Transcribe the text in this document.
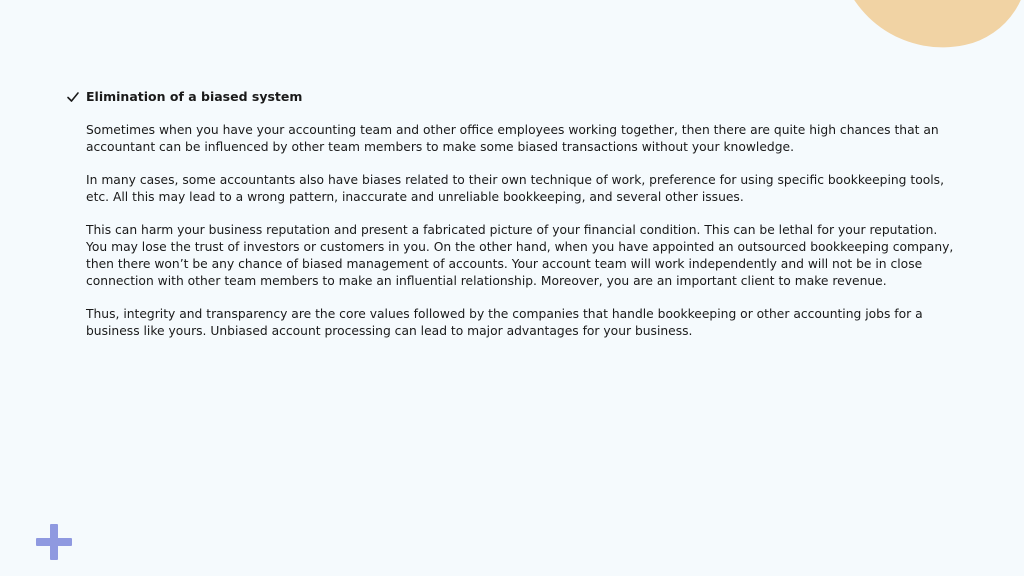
Elimination of a biased system

Sometimes when you have your accounting team and other office employees working together, then there are quite high chances that an accountant can be influenced by other team members to make some biased transactions without your knowledge.

In many cases, some accountants also have biases related to their own technique of work, preference for using specific bookkeeping tools, etc. All this may lead to a wrong pattern, inaccurate and unreliable bookkeeping, and several other issues.

This can harm your business reputation and present a fabricated picture of your financial condition. This can be lethal for your reputation. You may lose the trust of investors or customers in you. On the other hand, when you have appointed an outsourced bookkeeping company, then there won’t be any chance of biased management of accounts. Your account team will work independently and will not be in close connection with other team members to make an influential relationship. Moreover, you are an important client to make revenue.

Thus, integrity and transparency are the core values followed by the companies that handle bookkeeping or other accounting jobs for a business like yours. Unbiased account processing can lead to major advantages for your business.
